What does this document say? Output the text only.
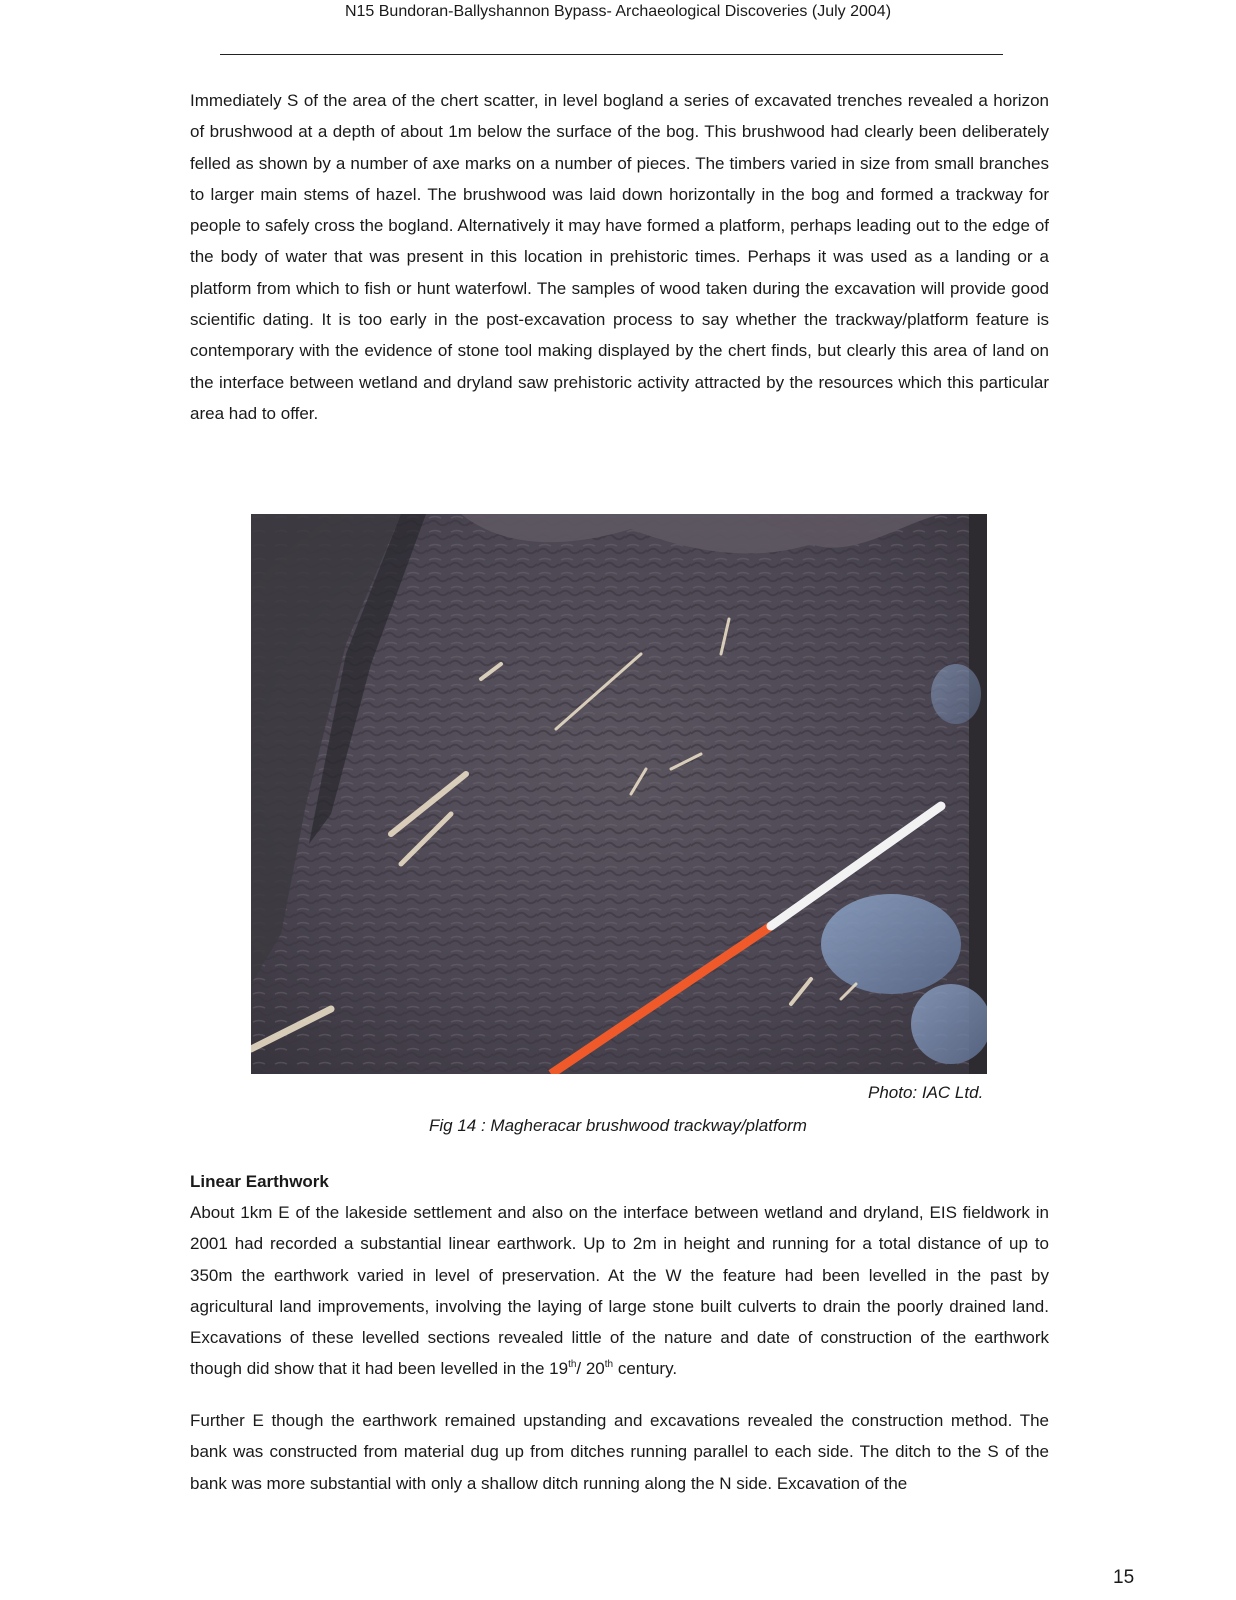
N15 Bundoran-Ballyshannon Bypass- Archaeological Discoveries (July 2004)

Immediately S of the area of the chert scatter, in level bogland a series of excavated trenches revealed a horizon of brushwood at a depth of about 1m below the surface of the bog. This brushwood had clearly been deliberately felled as shown by a number of axe marks on a number of pieces. The timbers varied in size from small branches to larger main stems of hazel. The brushwood was laid down horizontally in the bog and formed a trackway for people to safely cross the bogland. Alternatively it may have formed a platform, perhaps leading out to the edge of the body of water that was present in this location in prehistoric times. Perhaps it was used as a landing or a platform from which to fish or hunt waterfowl. The samples of wood taken during the excavation will provide good scientific dating. It is too early in the post-excavation process to say whether the trackway/platform feature is contemporary with the evidence of stone tool making displayed by the chert finds, but clearly this area of land on the interface between wetland and dryland saw prehistoric activity attracted by the resources which this particular area had to offer.

Photo: IAC Ltd.
Fig 14 : Magheracar brushwood trackway/platform
Linear Earthwork

About 1km E of the lakeside settlement and also on the interface between wetland and dryland, EIS fieldwork in 2001 had recorded a substantial linear earthwork. Up to 2m in height and running for a total distance of up to 350m the earthwork varied in level of preservation. At the W the feature had been levelled in the past by agricultural land improvements, involving the laying of large stone built culverts to drain the poorly drained land. Excavations of these levelled sections revealed little of the nature and date of construction of the earthwork though did show that it had been levelled in the 19th/ 20th century.

Further E though the earthwork remained upstanding and excavations revealed the construction method. The bank was constructed from material dug up from ditches running parallel to each side. The ditch to the S of the bank was more substantial with only a shallow ditch running along the N side. Excavation of the

15
